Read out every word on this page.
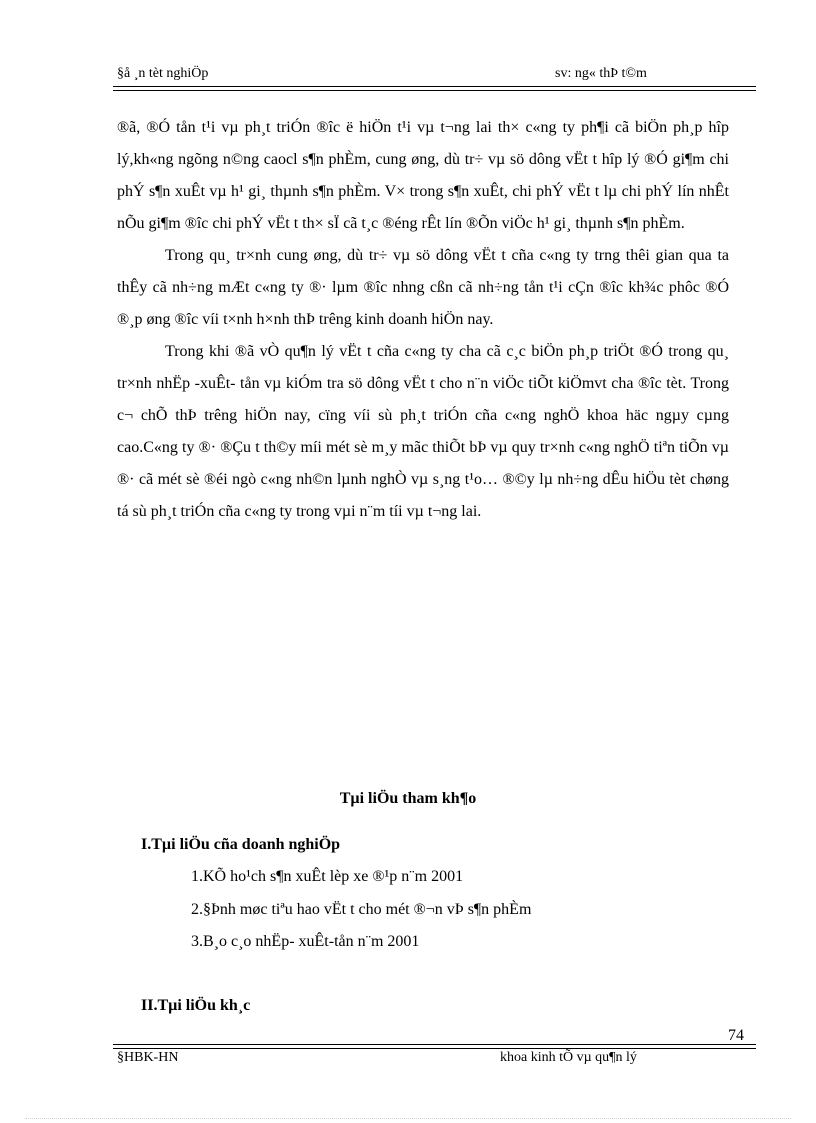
§å ¸n tèt nghiÖp	sv: ng« thÞ t©m

®ã, ®Ó tån t¹i vµ ph¸t triÓn ®îc ë hiÖn t¹i vµ t¬ng lai th× c«ng ty ph¶i cã biÖn ph¸p hîp lý,kh«ng ngõng n©ng caocl s¶n phÈm, cung øng, dù tr÷ vµ sö dông vËt t hîp lý ®Ó gi¶m chi phÝ s¶n xuÊt vµ h¹ gi¸ thµnh s¶n phÈm. V× trong s¶n xuÊt, chi phÝ vËt t lµ chi phÝ lín nhÊt nÕu gi¶m ®îc chi phÝ vËt t th× sÏ cã t¸c ®éng rÊt lín ®Õn viÖc h¹ gi¸ thµnh s¶n phÈm.

Trong qu¸ tr×nh cung øng, dù tr÷ vµ sö dông vËt t cña c«ng ty trng thêi gian qua ta thÊy cã nh÷ng mÆt c«ng ty ®· lµm ®îc nhng cßn cã nh÷ng tån t¹i cÇn ®îc kh¾c phôc ®Ó ®¸p øng ®îc víi t×nh h×nh thÞ trêng kinh doanh hiÖn nay.

Trong khi ®ã vÒ qu¶n lý vËt t cña c«ng ty cha cã c¸c biÖn ph¸p triÖt ®Ó trong qu¸ tr×nh nhËp -xuÊt- tån vµ kiÓm tra sö dông vËt t cho n¨n viÖc tiÕt kiÖmvt cha ®îc tèt. Trong c¬ chÕ thÞ trêng hiÖn nay, cïng víi sù ph¸t triÓn cña c«ng nghÖ khoa häc ngµy cµng cao.C«ng ty ®· ®Çu t th©y míi mét sè m¸y mãc thiÕt bÞ vµ quy tr×nh c«ng nghÖ tiªn tiÕn vµ ®· cã mét sè ®éi ngò c«ng nh©n lµnh nghÒ vµ s¸ng t¹o… ®©y lµ nh÷ng dÊu hiÖu tèt chøng tá sù ph¸t triÓn cña c«ng ty trong vµi n¨m tíi vµ t¬ng lai.

Tµi liÖu tham kh¶o
I.Tµi liÖu cña doanh nghiÖp
1.KÕ ho¹ch s¶n xuÊt lèp xe ®¹p n¨m 2001
2.§Þnh møc tiªu hao vËt t cho mét ®¬n vÞ s¶n phÈm
3.B¸o c¸o nhËp- xuÊt-tån n¨m 2001
II.Tµi liÖu kh¸c
74
§HBK-HN	khoa kinh tÕ vµ qu¶n lý
